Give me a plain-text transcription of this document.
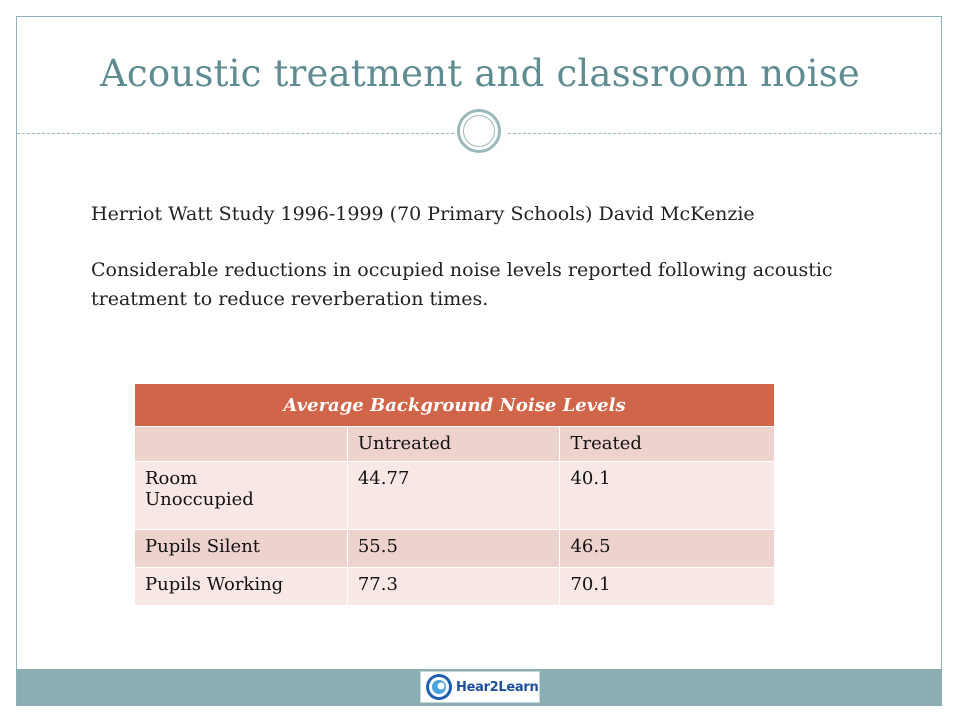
Acoustic treatment and classroom noise
Herriot Watt Study 1996-1999 (70 Primary Schools) David McKenzie
Considerable reductions in occupied noise levels reported following acoustic treatment to reduce reverberation times.
Average Background Noise Levels		
	Untreated	Treated
Room Unoccupied	44.77	40.1
Pupils Silent	55.5	46.5
Pupils Working	77.3	70.1
Hear2Learn
